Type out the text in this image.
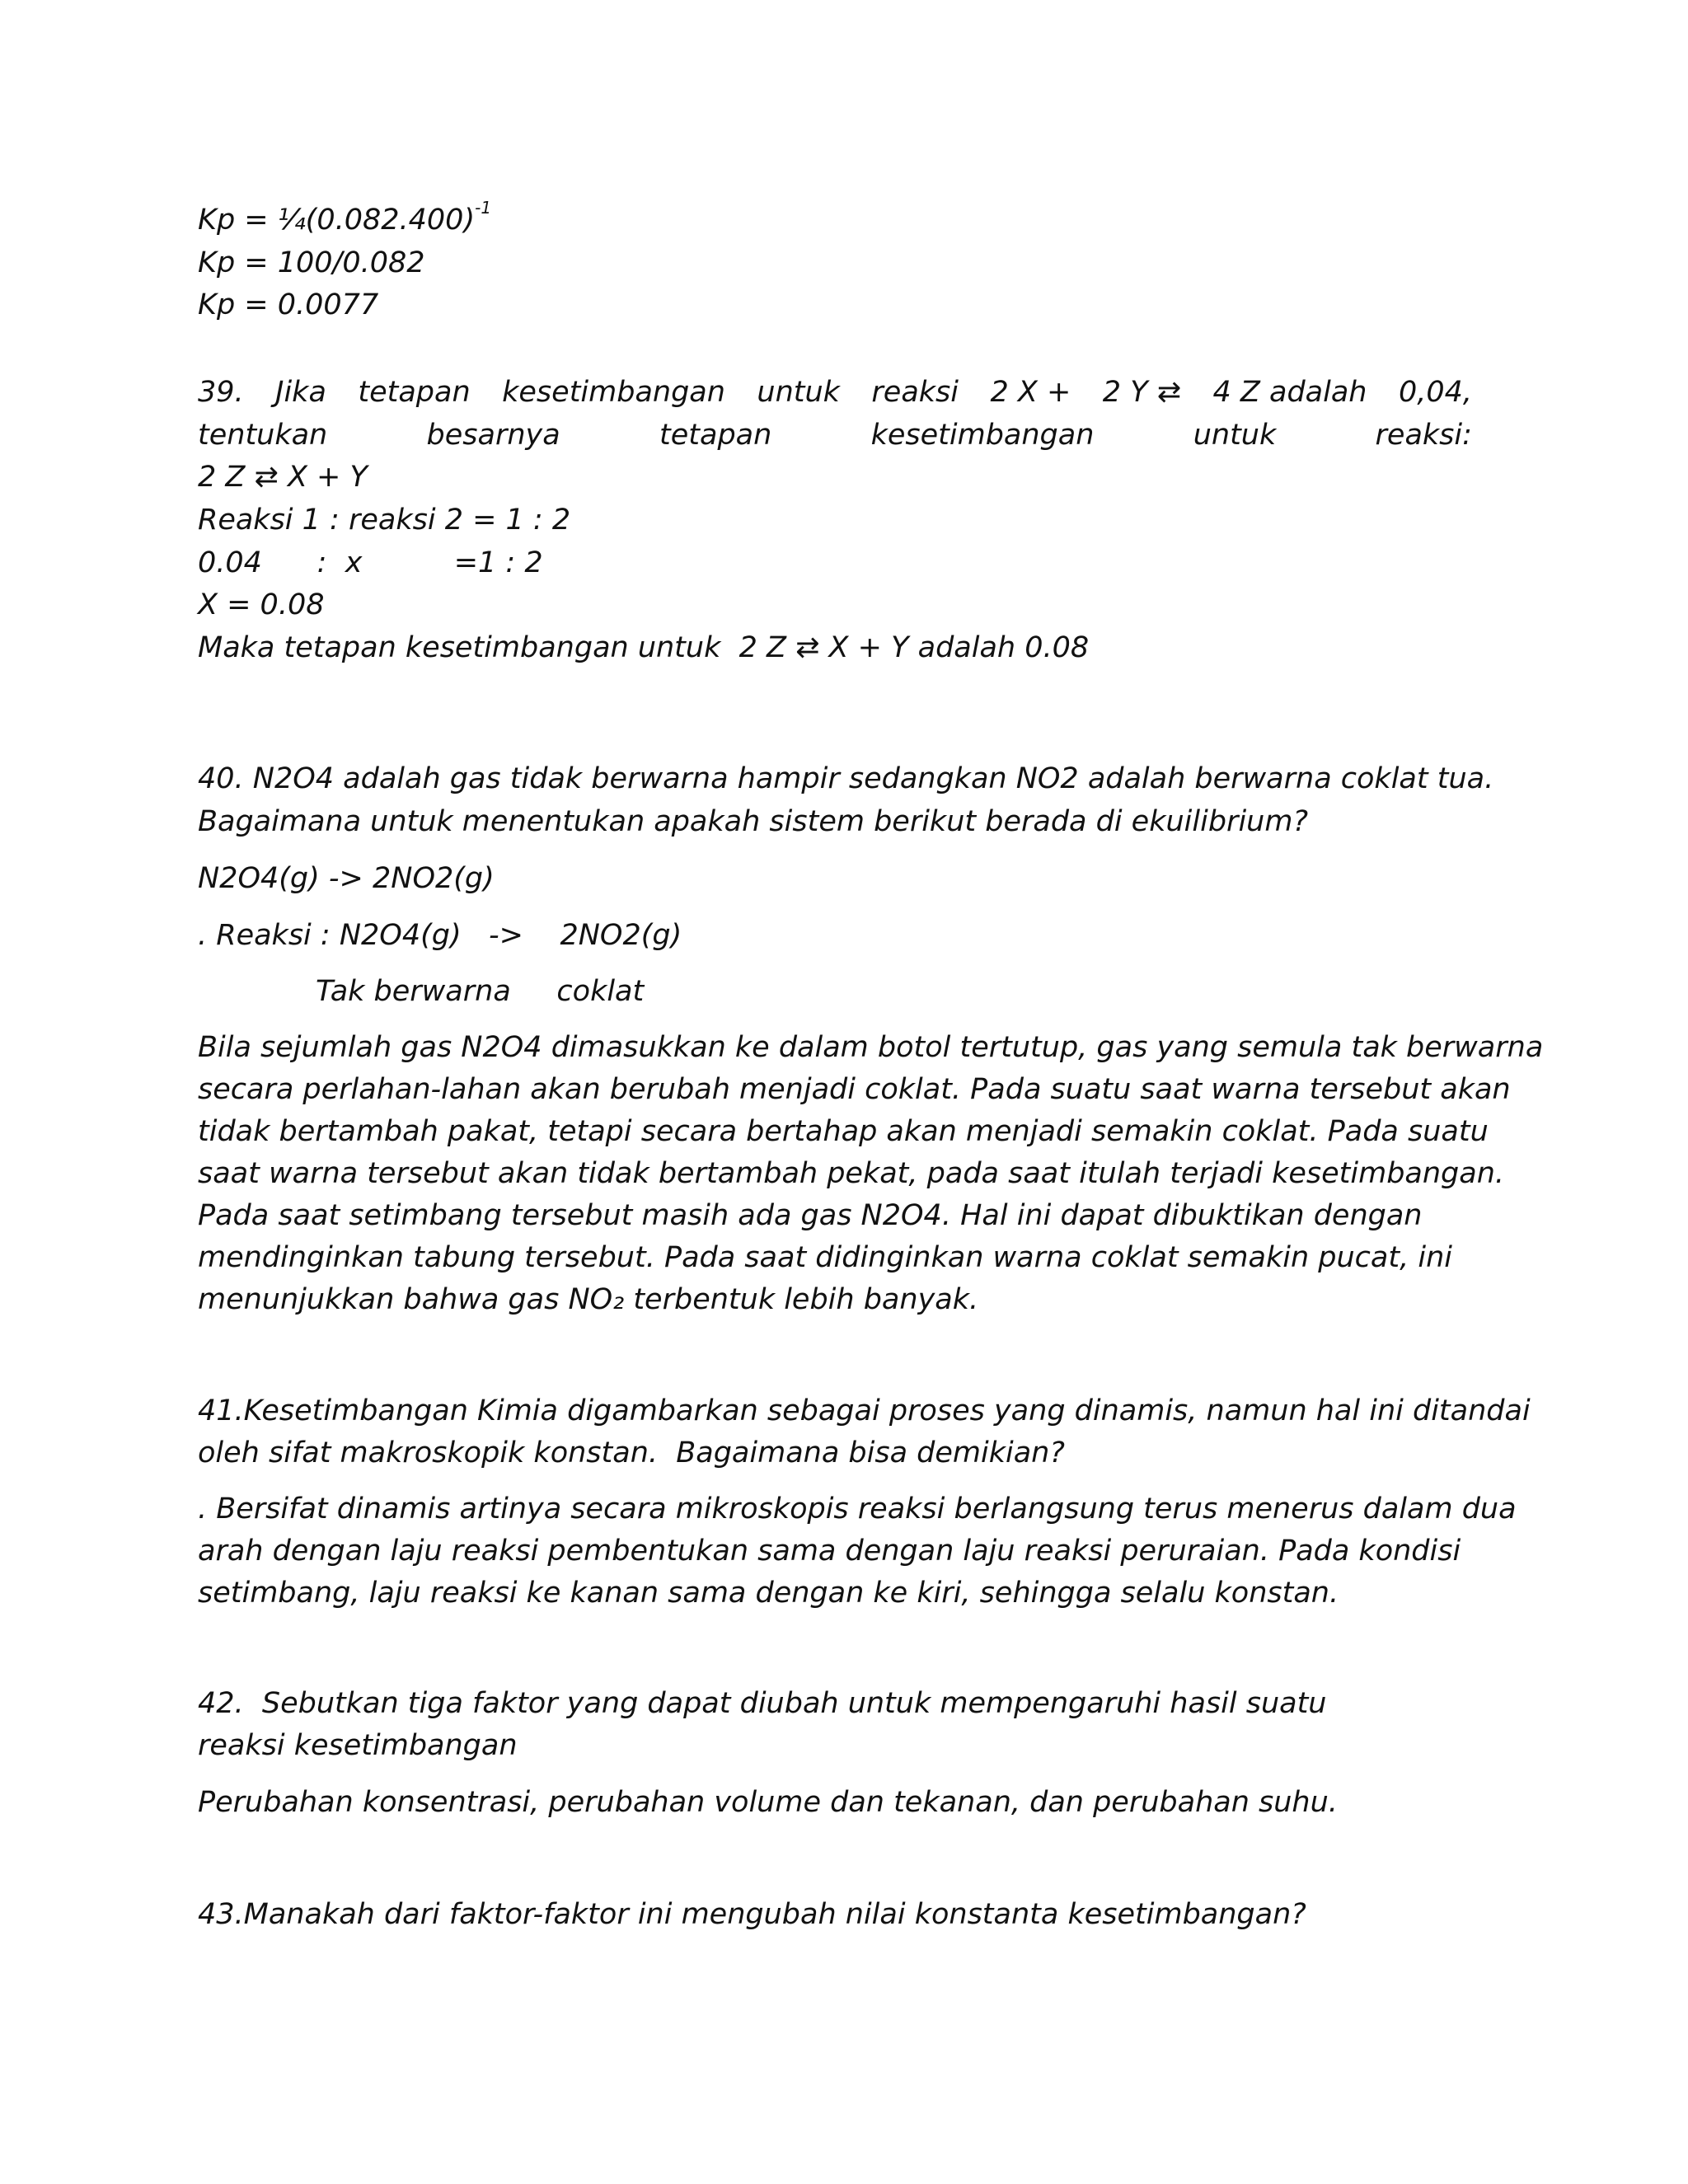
$Kp = \frac{1}{4}(0.082.400)^{-1}$
Kp = 100/0.082
Kp = 0.0077
39. Jika tetapan kesetimbangan untuk reaksi 2 X + 2 Y ⇄ 4 Z adalah 0,04,
tentukan	besarnya	tetapan	kesetimbangan	untuk	reaksi:
2 Z ⇄ X + Y
Reaksi 1 : reaksi 2 = 1 : 2
0.04      :  x          =1 : 2
X = 0.08
Maka tetapan kesetimbangan untuk  2 Z ⇄ X + Y adalah 0.08
40. N2O4 adalah gas tidak berwarna hampir sedangkan NO2 adalah berwarna coklat tua.
Bagaimana untuk menentukan apakah sistem berikut berada di ekuilibrium?
N2O4(g) -> 2NO2(g)
. Reaksi : N2O4(g)   ->    2NO2(g)
Tak berwarna     coklat
Bila sejumlah gas N2O4 dimasukkan ke dalam botol tertutup, gas yang semula tak berwarna
secara perlahan-lahan akan berubah menjadi coklat. Pada suatu saat warna tersebut akan
tidak bertambah pakat, tetapi secara bertahap akan menjadi semakin coklat. Pada suatu
saat warna tersebut akan tidak bertambah pekat, pada saat itulah terjadi kesetimbangan.
Pada saat setimbang tersebut masih ada gas N2O4. Hal ini dapat dibuktikan dengan
mendinginkan tabung tersebut. Pada saat didinginkan warna coklat semakin pucat, ini
menunjukkan bahwa gas NO₂ terbentuk lebih banyak.
41.Kesetimbangan Kimia digambarkan sebagai proses yang dinamis, namun hal ini ditandai
oleh sifat makroskopik konstan.  Bagaimana bisa demikian?
. Bersifat dinamis artinya secara mikroskopis reaksi berlangsung terus menerus dalam dua
arah dengan laju reaksi pembentukan sama dengan laju reaksi peruraian. Pada kondisi
setimbang, laju reaksi ke kanan sama dengan ke kiri, sehingga selalu konstan.
42.  Sebutkan tiga faktor yang dapat diubah untuk mempengaruhi hasil suatu
reaksi kesetimbangan
Perubahan konsentrasi, perubahan volume dan tekanan, dan perubahan suhu.
43.Manakah dari faktor-faktor ini mengubah nilai konstanta kesetimbangan?
